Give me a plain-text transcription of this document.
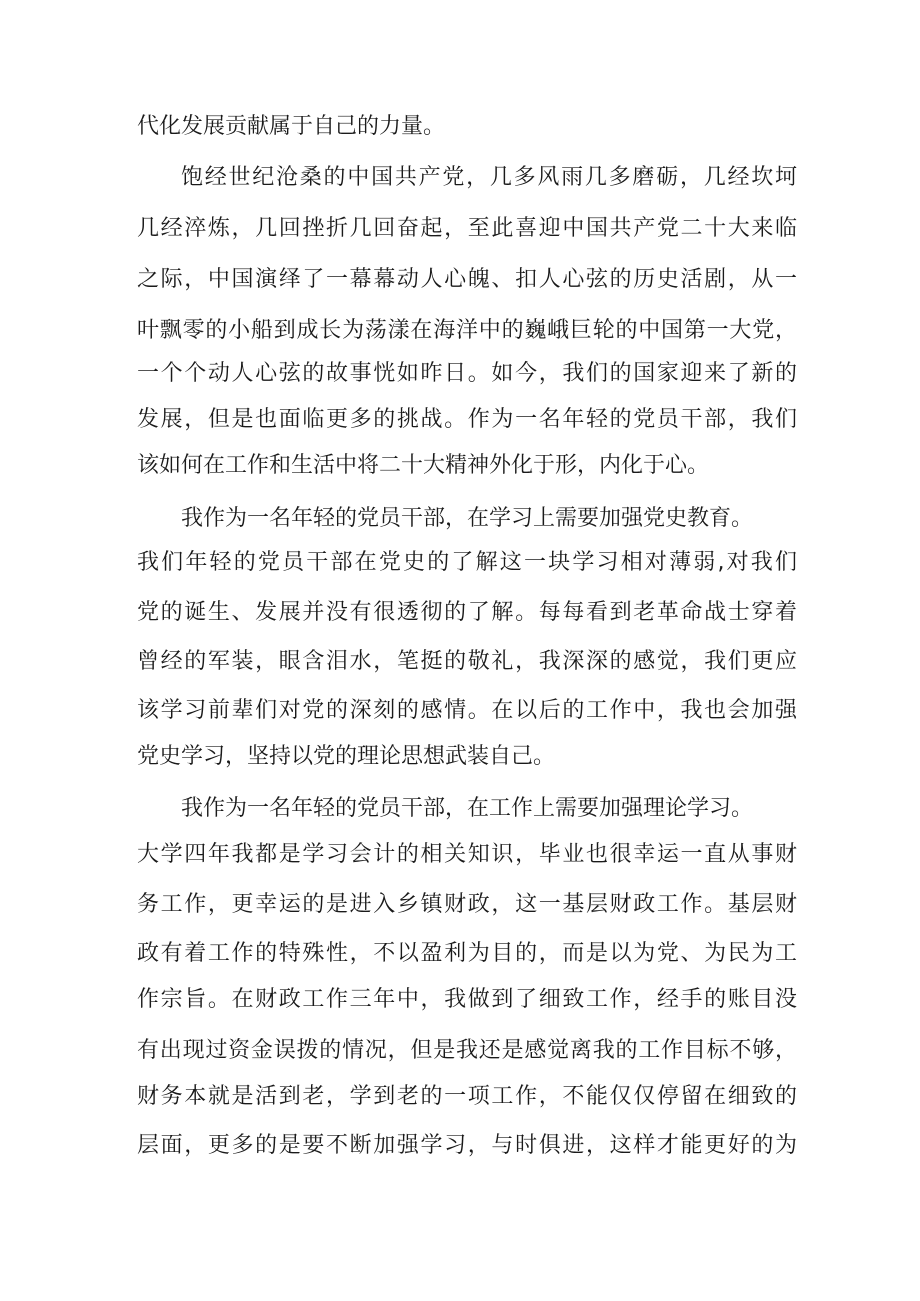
代化发展贡献属于自己的力量。
饱经世纪沧桑的中国共产党，几多风雨几多磨砺，几经坎坷
几经淬炼，几回挫折几回奋起，至此喜迎中国共产党二十大来临
之际，中国演绎了一幕幕动人心魄、扣人心弦的历史活剧，从一
叶飘零的小船到成长为荡漾在海洋中的巍峨巨轮的中国第一大党，
一个个动人心弦的故事恍如昨日。如今，我们的国家迎来了新的
发展，但是也面临更多的挑战。作为一名年轻的党员干部，我们
该如何在工作和生活中将二十大精神外化于形，内化于心。
我作为一名年轻的党员干部，在学习上需要加强党史教育。
我们年轻的党员干部在党史的了解这一块学习相对薄弱,对我们
党的诞生、发展并没有很透彻的了解。每每看到老革命战士穿着
曾经的军装，眼含泪水，笔挺的敬礼，我深深的感觉，我们更应
该学习前辈们对党的深刻的感情。在以后的工作中，我也会加强
党史学习，坚持以党的理论思想武装自己。
我作为一名年轻的党员干部，在工作上需要加强理论学习。
大学四年我都是学习会计的相关知识，毕业也很幸运一直从事财
务工作，更幸运的是进入乡镇财政，这一基层财政工作。基层财
政有着工作的特殊性，不以盈利为目的，而是以为党、为民为工
作宗旨。在财政工作三年中，我做到了细致工作，经手的账目没
有出现过资金误拨的情况，但是我还是感觉离我的工作目标不够，
财务本就是活到老，学到老的一项工作，不能仅仅停留在细致的
层面，更多的是要不断加强学习，与时俱进，这样才能更好的为
